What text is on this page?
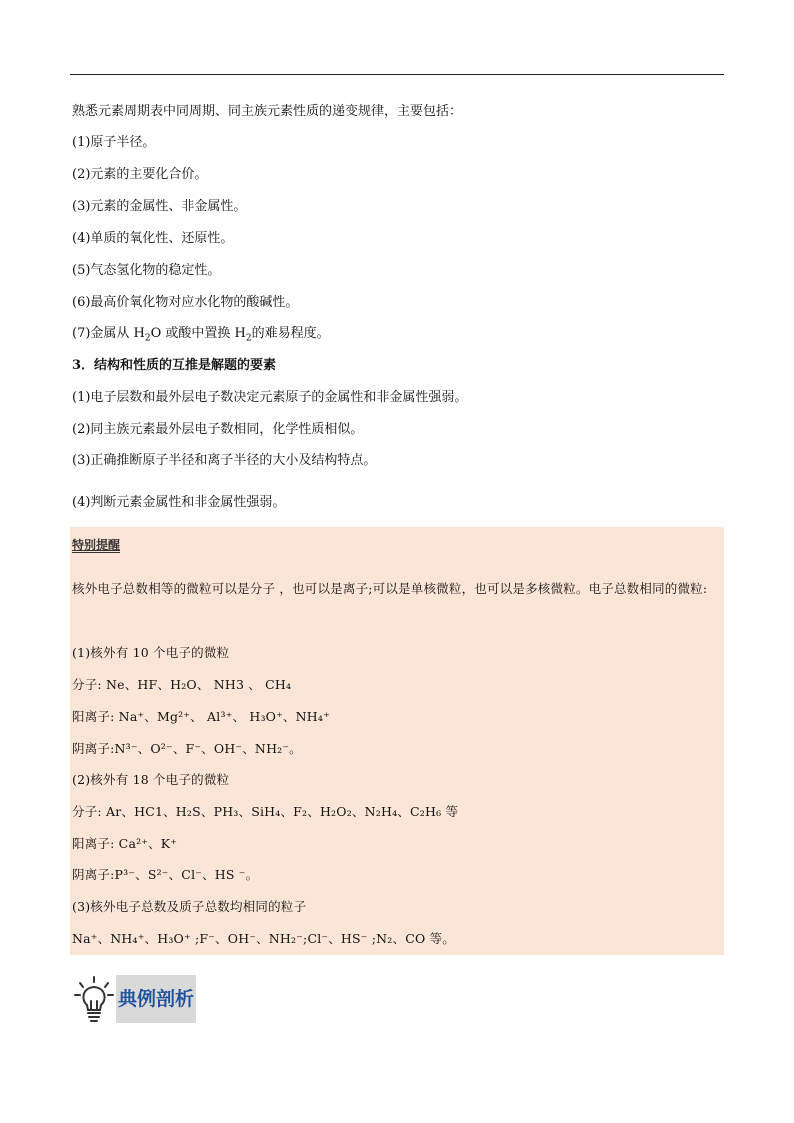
熟悉元素周期表中同周期、同主族元素性质的递变规律，主要包括：
(1)原子半径。
(2)元素的主要化合价。
(3)元素的金属性、非金属性。
(4)单质的氧化性、还原性。
(5)气态氢化物的稳定性。
(6)最高价氧化物对应水化物的酸碱性。
(7)金属从 $H_2O$ 或酸中置换 $H_2$的难易程度。
3．结构和性质的互推是解题的要素
(1)电子层数和最外层电子数决定元素原子的金属性和非金属性强弱。
(2)同主族元素最外层电子数相同，化学性质相似。
(3)正确推断原子半径和离子半径的大小及结构特点。
(4)判断元素金属性和非金属性强弱。
特别提醒
核外电子总数相等的微粒可以是分子 ，也可以是离子;可以是单核微粒，也可以是多核微粒。电子总数相同的微粒:
(1)核外有 10 个电子的微粒
分子: Ne、HF、H₂O、 NH3 、 CH₄
阳离子: Na⁺、Mg²⁺、 Al³⁺、 H₃O⁺、NH₄⁺
阴离子:N³⁻、O²⁻、F⁻、OH⁻、NH₂⁻。
(2)核外有 18 个电子的微粒
分子: Ar、HC1、H₂S、PH₃、SiH₄、F₂、H₂O₂、N₂H₄、C₂H₆ 等
阳离子: Ca²⁺、K⁺
阴离子:P³⁻、S²⁻、Cl⁻、HS ⁻。
(3)核外电子总数及质子总数均相同的粒子
Na⁺、NH₄⁺、H₃O⁺ ;F⁻、OH⁻、NH₂⁻;Cl⁻、HS⁻ ;N₂、CO 等。
典例剖析
